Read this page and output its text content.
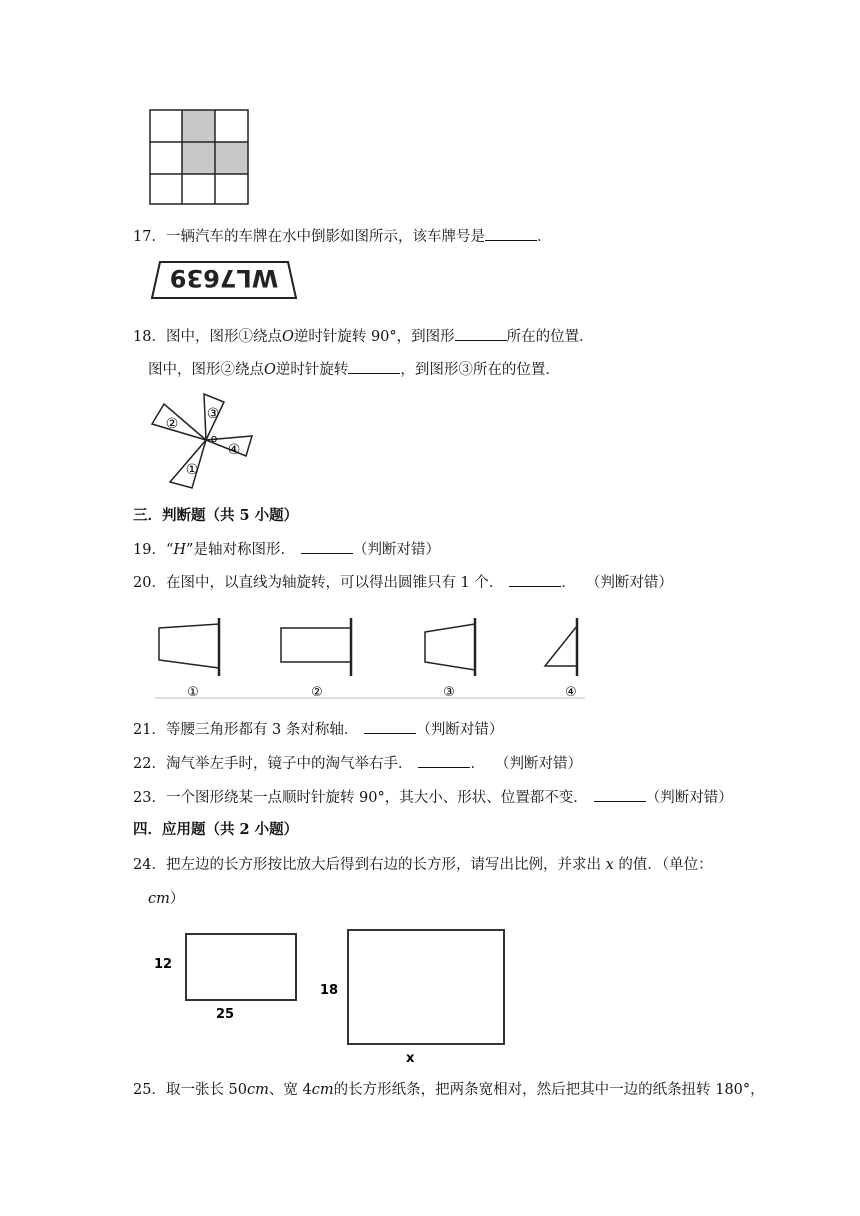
17．一辆汽车的车牌在水中倒影如图所示，该车牌号是	．
WL7639
18．图中，图形①绕点O逆时针旋转 90°，到图形	所在的位置．
图中，图形②绕点O逆时针旋转	，到图形③所在的位置．
②
③
o
④
①
三．判断题（共 5 小题）
19．“H”是轴对称图形．	（判断对错）
20．在图中，以直线为轴旋转，可以得出圆锥只有 1 个．	． （判断对错）
①	②	③	④
21．等腰三角形都有 3 条对称轴．	（判断对错）
22．淘气举左手时，镜子中的淘气举右手．	． （判断对错）
23．一个图形绕某一点顺时针旋转 90°，其大小、形状、位置都不变．	（判断对错）
四．应用题（共 2 小题）
24．把左边的长方形按比放大后得到右边的长方形，请写出比例，并求出 x 的值．（单位：
cm）
12
25
18
x
25．取一张长 50cm、宽 4cm的长方形纸条，把两条宽相对，然后把其中一边的纸条扭转 180°，
